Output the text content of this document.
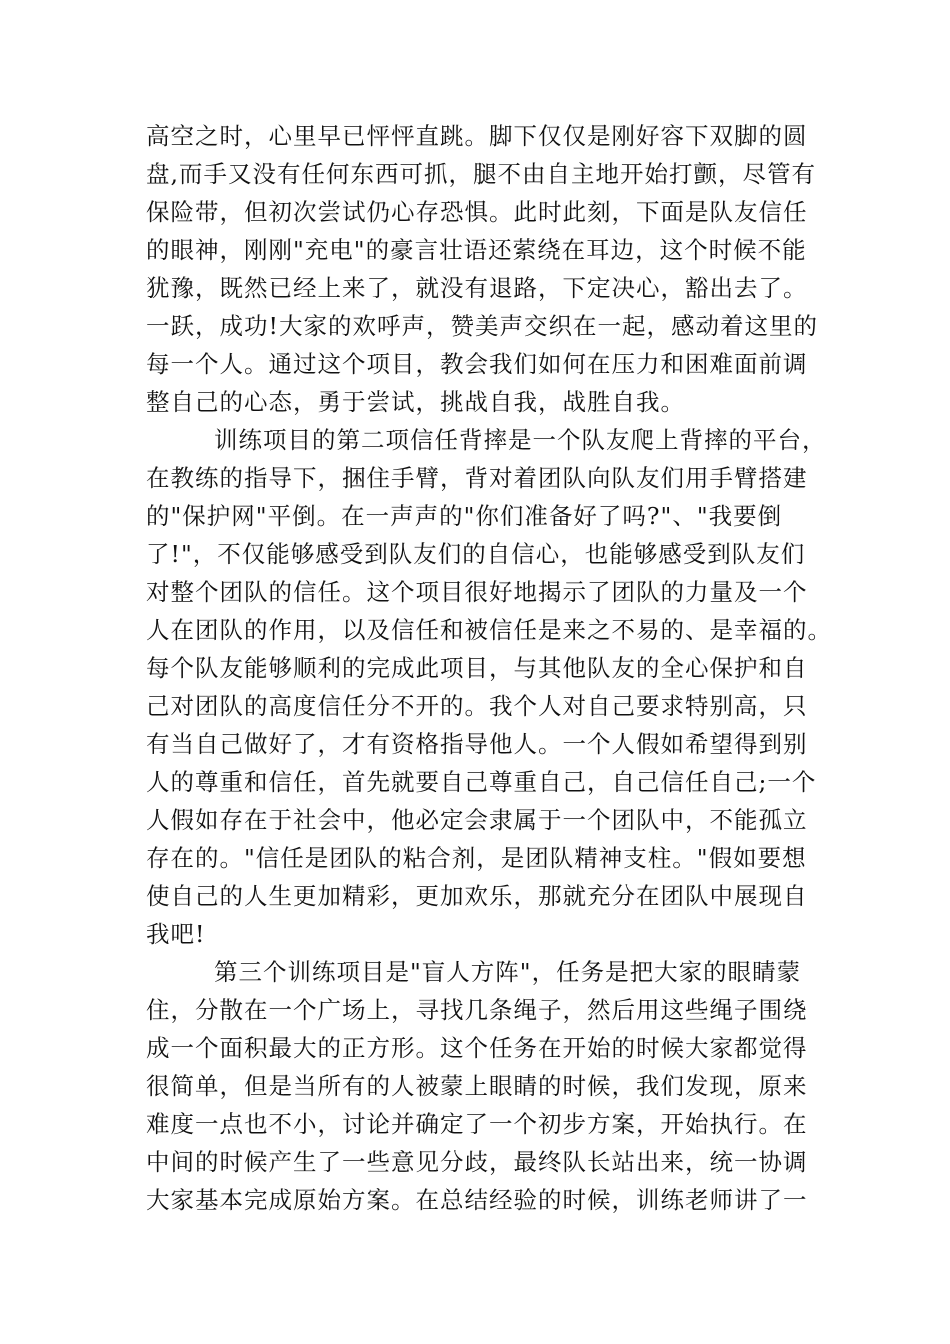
高空之时，心里早已怦怦直跳。脚下仅仅是刚好容下双脚的圆
盘,而手又没有任何东西可抓，腿不由自主地开始打颤，尽管有
保险带，但初次尝试仍心存恐惧。此时此刻，下面是队友信任
的眼神，刚刚"充电"的豪言壮语还萦绕在耳边，这个时候不能
犹豫，既然已经上来了，就没有退路，下定决心，豁出去了。
一跃，成功!大家的欢呼声，赞美声交织在一起，感动着这里的
每一个人。通过这个项目，教会我们如何在压力和困难面前调
整自己的心态，勇于尝试，挑战自我，战胜自我。
训练项目的第二项信任背摔是一个队友爬上背摔的平台，
在教练的指导下，捆住手臂，背对着团队向队友们用手臂搭建
的"保护网"平倒。在一声声的"你们准备好了吗?"、"我要倒
了!"，不仅能够感受到队友们的自信心，也能够感受到队友们
对整个团队的信任。这个项目很好地揭示了团队的力量及一个
人在团队的作用，以及信任和被信任是来之不易的、是幸福的。
每个队友能够顺利的完成此项目，与其他队友的全心保护和自
己对团队的高度信任分不开的。我个人对自己要求特别高，只
有当自己做好了，才有资格指导他人。一个人假如希望得到别
人的尊重和信任，首先就要自己尊重自己，自己信任自己;一个
人假如存在于社会中，他必定会隶属于一个团队中，不能孤立
存在的。"信任是团队的粘合剂，是团队精神支柱。"假如要想
使自己的人生更加精彩，更加欢乐，那就充分在团队中展现自
我吧!
第三个训练项目是"盲人方阵"，任务是把大家的眼睛蒙
住，分散在一个广场上，寻找几条绳子，然后用这些绳子围绕
成一个面积最大的正方形。这个任务在开始的时候大家都觉得
很简单，但是当所有的人被蒙上眼睛的时候，我们发现，原来
难度一点也不小，讨论并确定了一个初步方案，开始执行。在
中间的时候产生了一些意见分歧，最终队长站出来，统一协调
大家基本完成原始方案。在总结经验的时候，训练老师讲了一
